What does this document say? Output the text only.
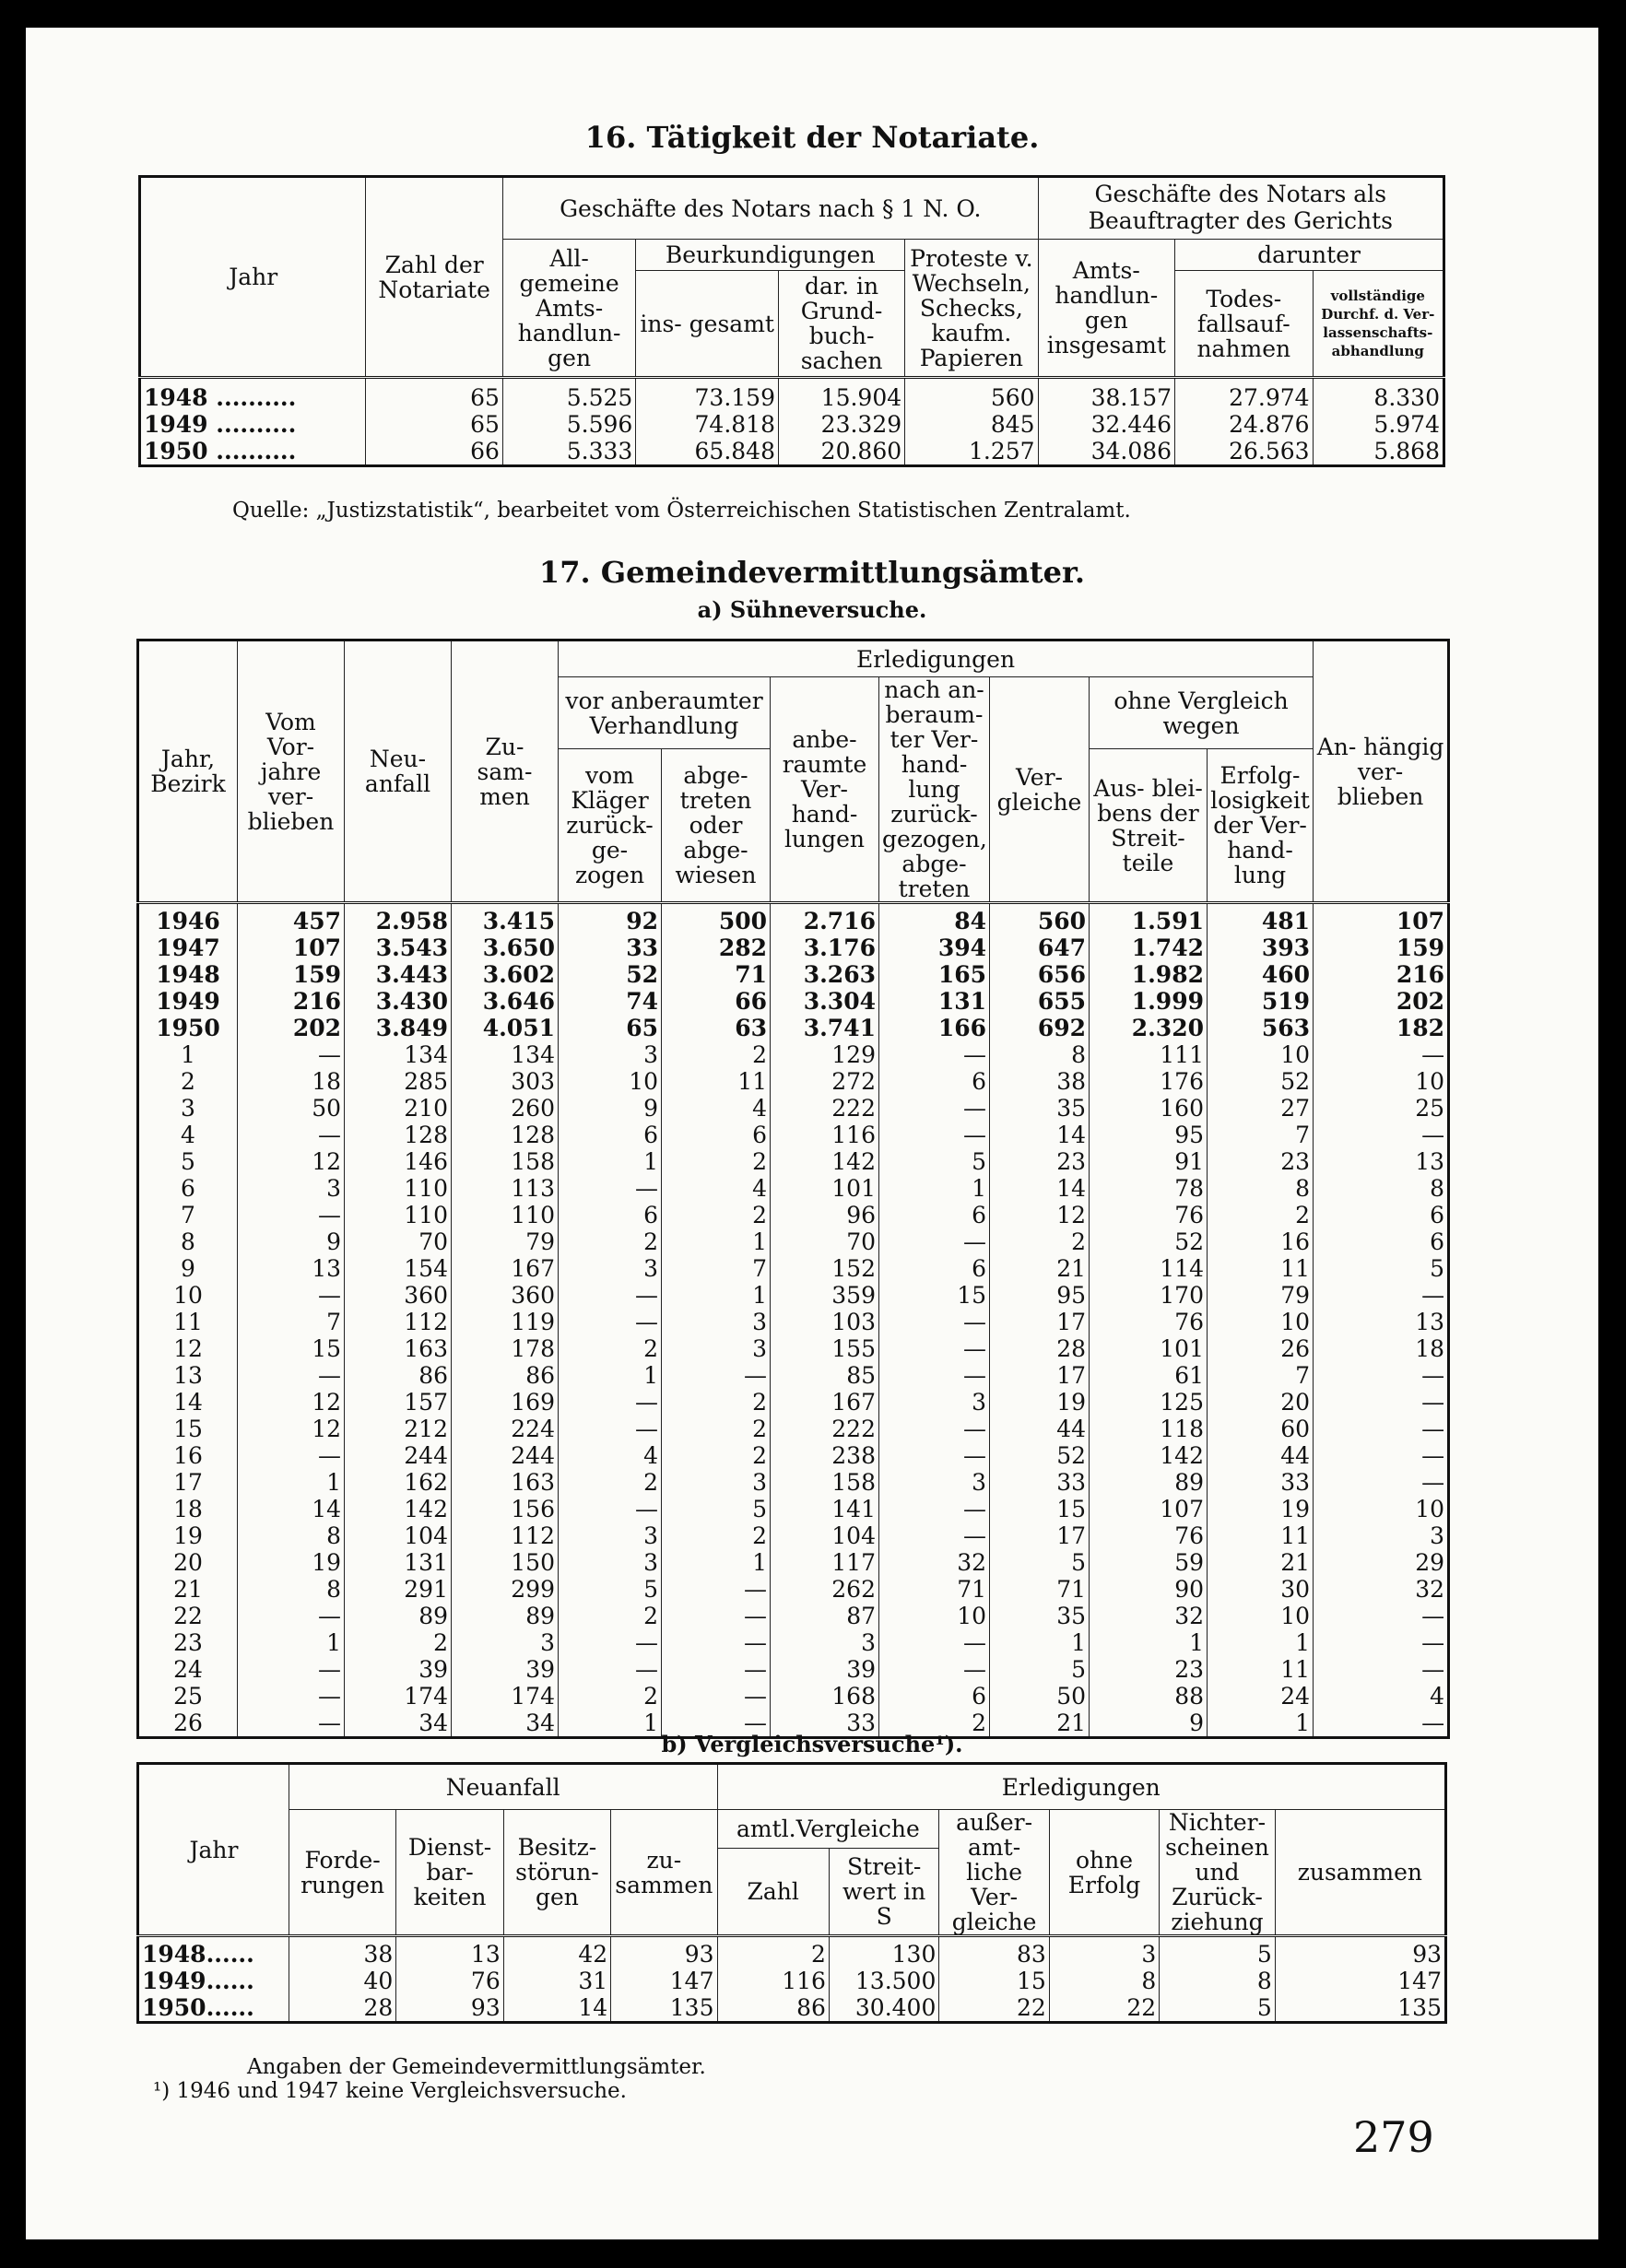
16. Tätigkeit der Notariate.
Jahr	Zahl der Notariate	Geschäfte des Notars nach § 1 N. O.				Geschäfte des Notars als Beauftragter des Gerichts		
		All- gemeine Amts- handlun- gen	Beurkundigungen		Proteste v. Wechseln, Schecks, kaufm. Papieren	Amts- handlun- gen insgesamt	darunter	
			ins- gesamt	dar. in Grund- buch- sachen			Todes- fallsauf- nahmen	vollständige Durchf. d. Ver- lassenschafts- abhandlung

1948 ..........	65	5.525	73.159	15.904	560	38.157	27.974	8.330
1949 ..........	65	5.596	74.818	23.329	845	32.446	24.876	5.974
1950 ..........	66	5.333	65.848	20.860	1.257	34.086	26.563	5.868
Quelle: „Justizstatistik“, bearbeitet vom Österreichischen Statistischen Zentralamt.
17. Gemeindevermittlungsämter.
a) Sühneversuche.
Jahr, Bezirk	Vom Vor- jahre ver- blieben	Neu- anfall	Zu- sam- men	Erledigungen							An- hängig ver- blieben
				vor anberaumter Verhandlung		anbe- raumte Ver- hand- lungen	nach an- beraum- ter Ver- hand- lung zurück- gezogen, abge- treten	Ver- gleiche	ohne Vergleich wegen		
				vom Kläger zurück- ge- zogen	abge- treten oder abge- wiesen				Aus- blei- bens der Streit- teile	Erfolg- losigkeit der Ver- hand- lung	
1946	457	2.958	3.415	92	500	2.716	84	560	1.591	481	107
1947	107	3.543	3.650	33	282	3.176	394	647	1.742	393	159
1948	159	3.443	3.602	52	71	3.263	165	656	1.982	460	216
1949	216	3.430	3.646	74	66	3.304	131	655	1.999	519	202
1950	202	3.849	4.051	65	63	3.741	166	692	2.320	563	182
1	—	134	134	3	2	129	—	8	111	10	—
2	18	285	303	10	11	272	6	38	176	52	10
3	50	210	260	9	4	222	—	35	160	27	25
4	—	128	128	6	6	116	—	14	95	7	—
5	12	146	158	1	2	142	5	23	91	23	13
6	3	110	113	—	4	101	1	14	78	8	8
7	—	110	110	6	2	96	6	12	76	2	6
8	9	70	79	2	1	70	—	2	52	16	6
9	13	154	167	3	7	152	6	21	114	11	5
10	—	360	360	—	1	359	15	95	170	79	—
11	7	112	119	—	3	103	—	17	76	10	13
12	15	163	178	2	3	155	—	28	101	26	18
13	—	86	86	1	—	85	—	17	61	7	—
14	12	157	169	—	2	167	3	19	125	20	—
15	12	212	224	—	2	222	—	44	118	60	—
16	—	244	244	4	2	238	—	52	142	44	—
17	1	162	163	2	3	158	3	33	89	33	—
18	14	142	156	—	5	141	—	15	107	19	10
19	8	104	112	3	2	104	—	17	76	11	3
20	19	131	150	3	1	117	32	5	59	21	29
21	8	291	299	5	—	262	71	71	90	30	32
22	—	89	89	2	—	87	10	35	32	10	—
23	1	2	3	—	—	3	—	1	1	1	—
24	—	39	39	—	—	39	—	5	23	11	—
25	—	174	174	2	—	168	6	50	88	24	4
26	—	34	34	1	—	33	2	21	9	1	—
b) Vergleichsversuche¹).
Jahr	Neuanfall				Erledigungen					
	Forde- rungen	Dienst- bar- keiten	Besitz- störun- gen	zu- sammen	amtl.Vergleiche		außer- amt- liche Ver- gleiche	ohne Erfolg	Nichter- scheinen und Zurück- ziehung	zusammen
					Zahl	Streit- wert in S				
1948......	38	13	42	93	2	130	83	3	5	93
1949......	40	76	31	147	116	13.500	15	8	8	147
1950......	28	93	14	135	86	30.400	22	22	5	135
Angaben der Gemeindevermittlungsämter.
¹) 1946 und 1947 keine Vergleichsversuche.
279
